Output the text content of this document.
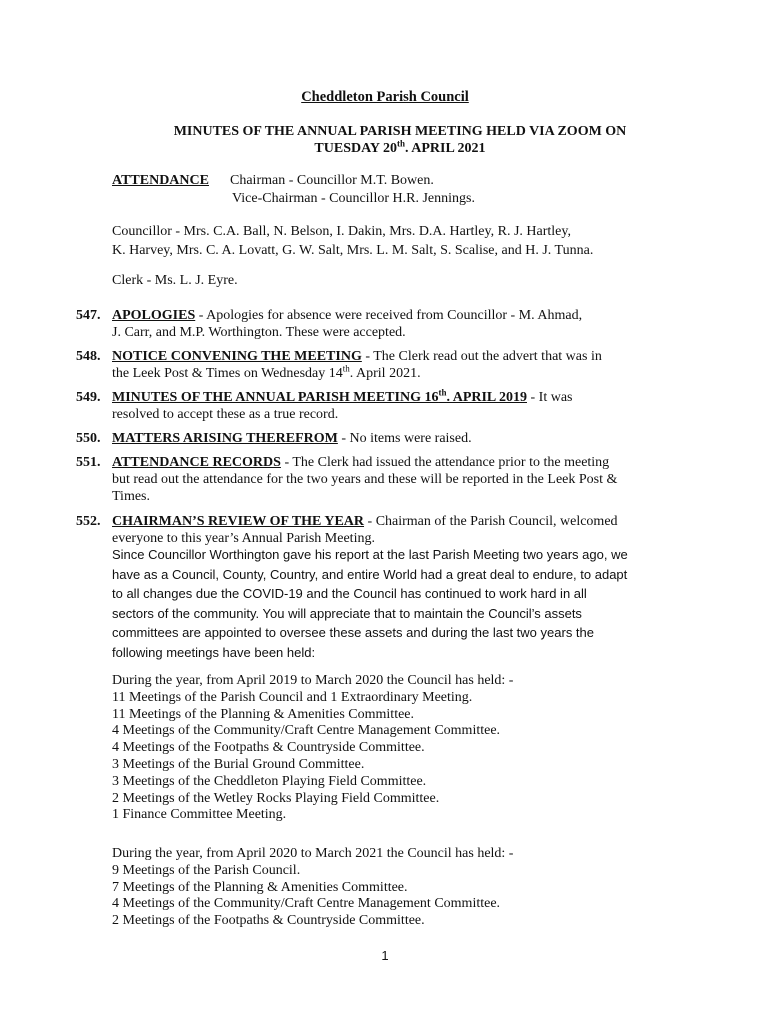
Cheddleton Parish Council
MINUTES OF THE ANNUAL PARISH MEETING HELD VIA ZOOM ON
TUESDAY 20th. APRIL 2021
ATTENDANCE Chairman - Councillor M.T. Bowen.
Vice-Chairman - Councillor H.R. Jennings.
Councillor - Mrs. C.A. Ball, N. Belson, I. Dakin, Mrs. D.A. Hartley, R. J. Hartley,
K. Harvey, Mrs. C. A. Lovatt, G. W. Salt, Mrs. L. M. Salt, S. Scalise, and H. J. Tunna.
Clerk - Ms. L. J. Eyre.
547. APOLOGIES - Apologies for absence were received from Councillor - M. Ahmad,
J. Carr, and M.P. Worthington. These were accepted.
548. NOTICE CONVENING THE MEETING - The Clerk read out the advert that was in
the Leek Post & Times on Wednesday 14th. April 2021.
549. MINUTES OF THE ANNUAL PARISH MEETING 16th. APRIL 2019 - It was
resolved to accept these as a true record.
550. MATTERS ARISING THEREFROM - No items were raised.
551. ATTENDANCE RECORDS - The Clerk had issued the attendance prior to the meeting
but read out the attendance for the two years and these will be reported in the Leek Post &
Times.
552. CHAIRMAN’S REVIEW OF THE YEAR - Chairman of the Parish Council, welcomed
everyone to this year’s Annual Parish Meeting.
Since Councillor Worthington gave his report at the last Parish Meeting two years ago, we
have as a Council, County, Country, and entire World had a great deal to endure, to adapt
to all changes due the COVID-19 and the Council has continued to work hard in all
sectors of the community. You will appreciate that to maintain the Council’s assets
committees are appointed to oversee these assets and during the last two years the
following meetings have been held:
During the year, from April 2019 to March 2020 the Council has held: -
11 Meetings of the Parish Council and 1 Extraordinary Meeting.
11 Meetings of the Planning & Amenities Committee.
4 Meetings of the Community/Craft Centre Management Committee.
4 Meetings of the Footpaths & Countryside Committee.
3 Meetings of the Burial Ground Committee.
3 Meetings of the Cheddleton Playing Field Committee.
2 Meetings of the Wetley Rocks Playing Field Committee.
1 Finance Committee Meeting.
During the year, from April 2020 to March 2021 the Council has held: -
9 Meetings of the Parish Council.
7 Meetings of the Planning & Amenities Committee.
4 Meetings of the Community/Craft Centre Management Committee.
2 Meetings of the Footpaths & Countryside Committee.
1
